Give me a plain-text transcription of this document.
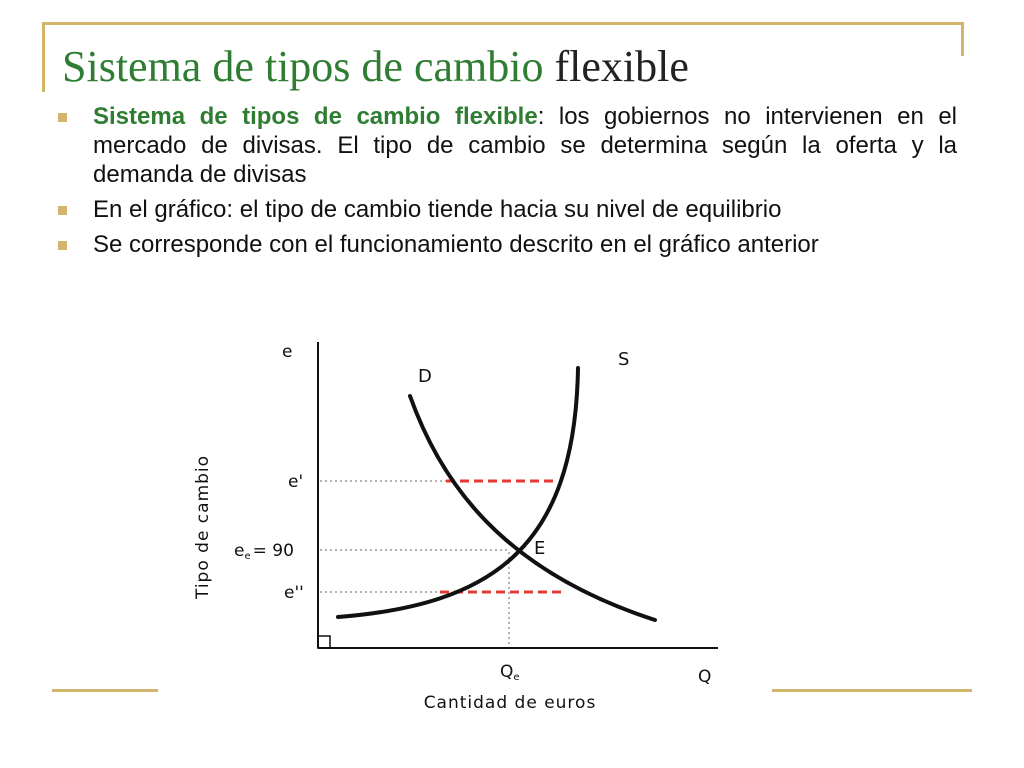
Sistema de tipos de cambio flexible
Sistema de tipos de cambio flexible: los gobiernos no intervienen en el mercado de divisas. El tipo de cambio se determina según la oferta y la demanda de divisas
En el gráfico: el tipo de cambio tiende hacia su nivel de equilibrio
Se corresponde con el funcionamiento descrito en el gráfico anterior
D
S
E
e
Q
e'
ee = 90
e''
Qe
Cantidad de euros
Tipo de cambio
